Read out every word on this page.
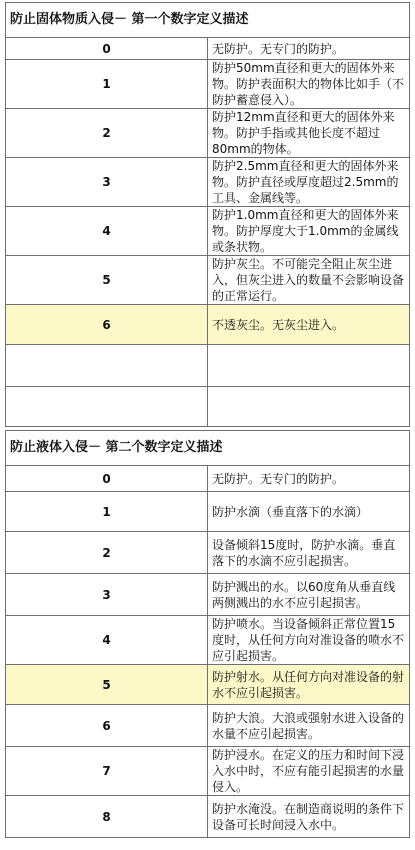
防止固体物质入侵－ 第一个数字定义描述	
0	无防护。无专门的防护。
1	防护50mm直径和更大的固体外来物。防护表面积大的物体比如手（不防护蓄意侵入）。
2	防护12mm直径和更大的固体外来物。防护手指或其他长度不超过80mm的物体。
3	防护2.5mm直径和更大的固体外来物。防护直径或厚度超过2.5mm的工具、金属线等。
4	防护1.0mm直径和更大的固体外来物。防护厚度大于1.0mm的金属线或条状物。
5	防护灰尘。不可能完全阻止灰尘进入，但灰尘进入的数量不会影响设备的正常运行。
6	不透灰尘。无灰尘进入。

防止液体入侵－ 第二个数字定义描述	
0	无防护。无专门的防护。
1	防护水滴（垂直落下的水滴）
2	设备倾斜15度时，防护水滴。垂直落下的水滴不应引起损害。
3	防护溅出的水。以60度角从垂直线两侧溅出的水不应引起损害。
4	防护喷水。当设备倾斜正常位置15度时，从任何方向对准设备的喷水不应引起损害。
5	防护射水。从任何方向对准设备的射水不应引起损害。
6	防护大浪。大浪或强射水进入设备的水量不应引起损害。
7	防护浸水。在定义的压力和时间下浸入水中时，不应有能引起损害的水量侵入。
8	防护水淹没。在制造商说明的条件下设备可长时间浸入水中。
